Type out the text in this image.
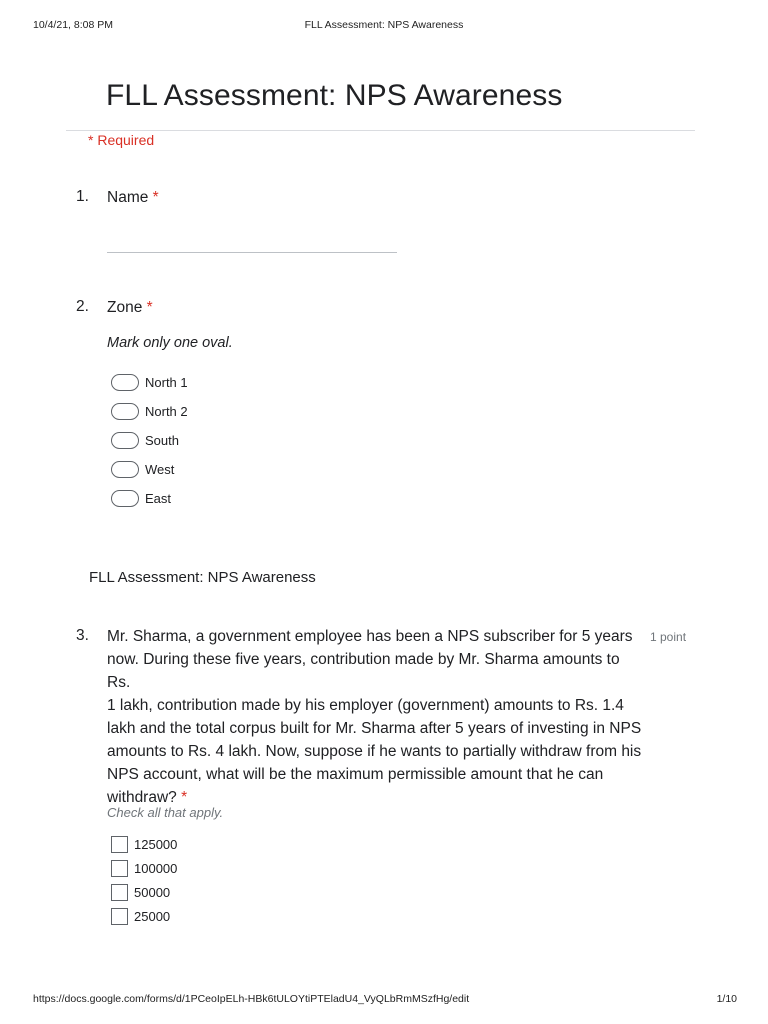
10/4/21, 8:08 PM	FLL Assessment: NPS Awareness
FLL Assessment: NPS Awareness
* Required
1. Name *
2. Zone *
Mark only one oval.
North 1
North 2
South
West
East
FLL Assessment: NPS Awareness
3.	1 point
Mr. Sharma, a government employee has been a NPS subscriber for 5 years
now. During these five years, contribution made by Mr. Sharma amounts to Rs.
1 lakh, contribution made by his employer (government) amounts to Rs. 1.4
lakh and the total corpus built for Mr. Sharma after 5 years of investing in NPS
amounts to Rs. 4 lakh. Now, suppose if he wants to partially withdraw from his
NPS account, what will be the maximum permissible amount that he can
withdraw? *
Check all that apply.
125000
100000
50000
25000
https://docs.google.com/forms/d/1PCeoIpELh-HBk6tULOYtiPTEladU4_VyQLbRmMSzfHg/edit	1/10
